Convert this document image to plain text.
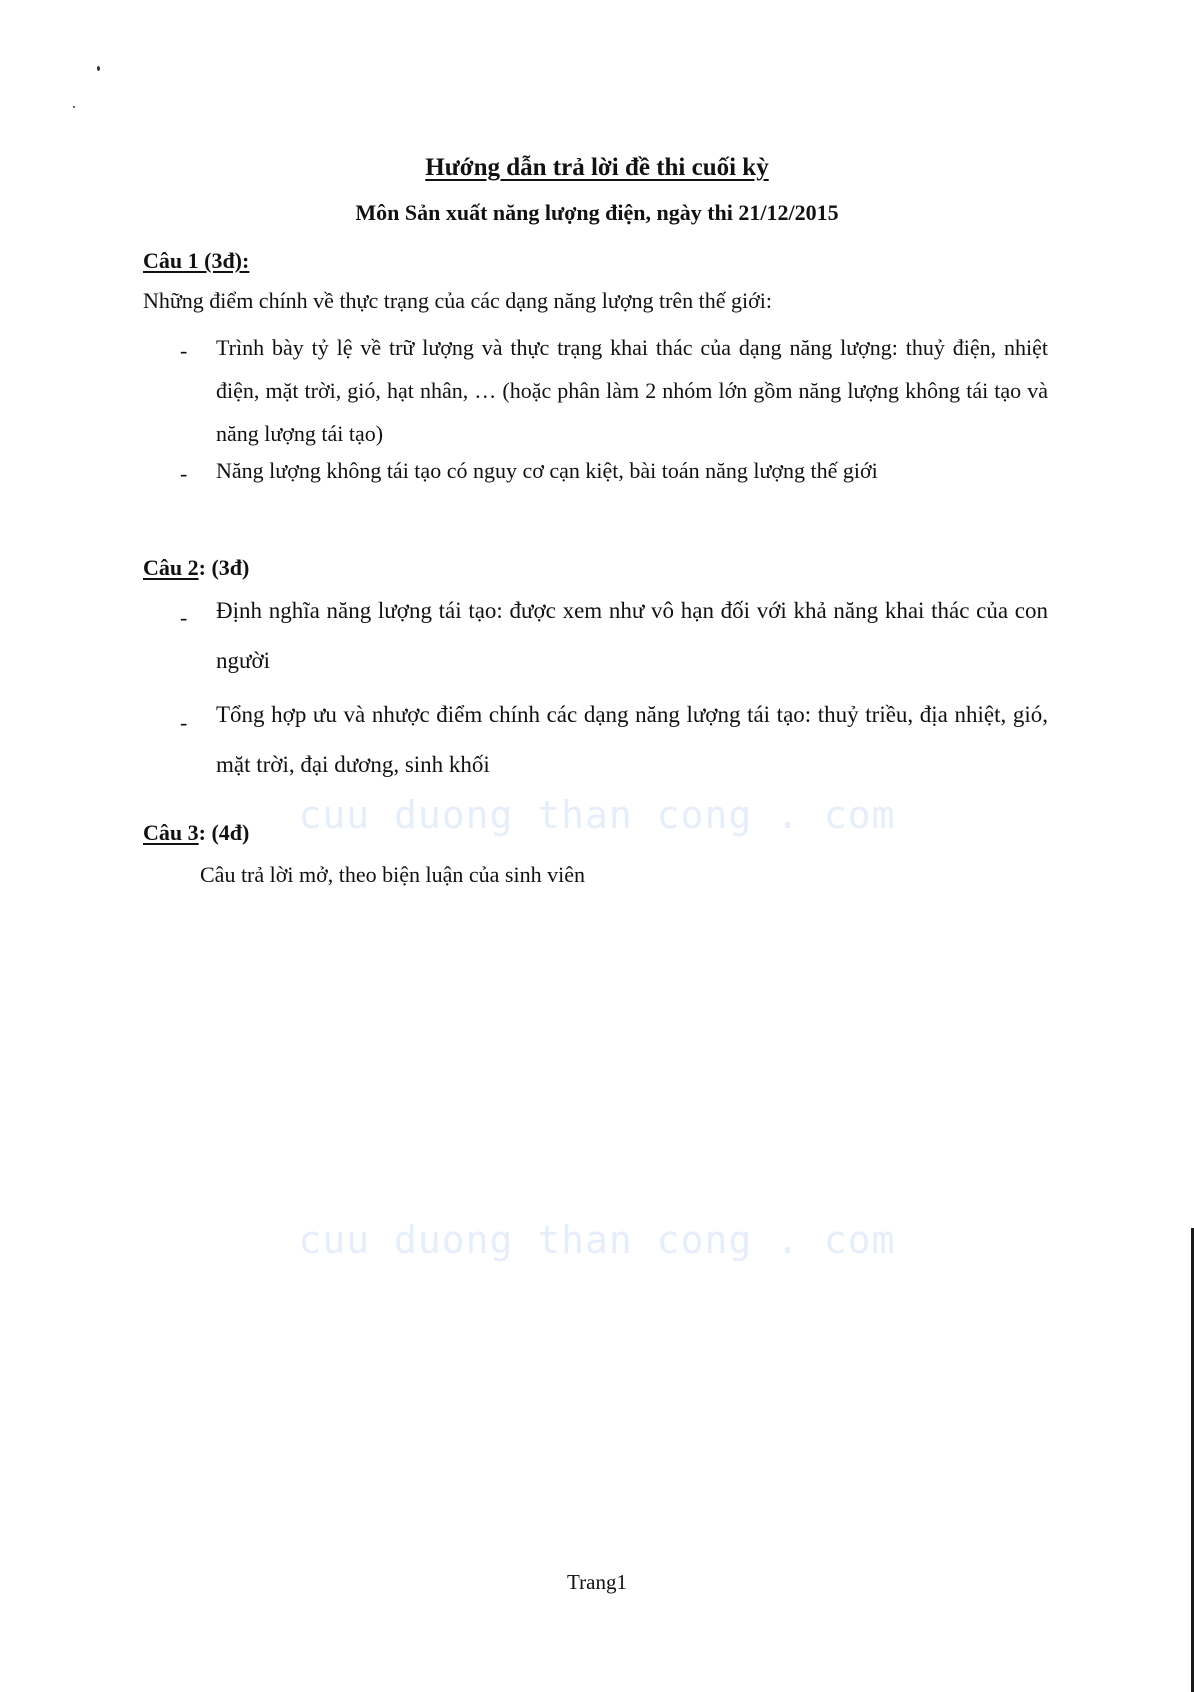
Hướng dẫn trả lời đề thi cuối kỳ
Môn Sản xuất năng lượng điện, ngày thi 21/12/2015
Câu 1 (3đ):
Những điểm chính về thực trạng của các dạng năng lượng trên thế giới:
- Trình bày tỷ lệ về trữ lượng và thực trạng khai thác của dạng năng lượng: thuỷ điện, nhiệt điện, mặt trời, gió, hạt nhân, … (hoặc phân làm 2 nhóm lớn gồm năng lượng không tái tạo và năng lượng tái tạo)
- Năng lượng không tái tạo có nguy cơ cạn kiệt, bài toán năng lượng thế giới
Câu 2: (3đ)
- Định nghĩa năng lượng tái tạo: được xem như vô hạn đối với khả năng khai thác của con người
- Tổng hợp ưu và nhược điểm chính các dạng năng lượng tái tạo: thuỷ triều, địa nhiệt, gió, mặt trời, đại dương, sinh khối
cuu duong than cong . com
Câu 3: (4đ)
Câu trả lời mở, theo biện luận của sinh viên
cuu duong than cong . com
Trang1
